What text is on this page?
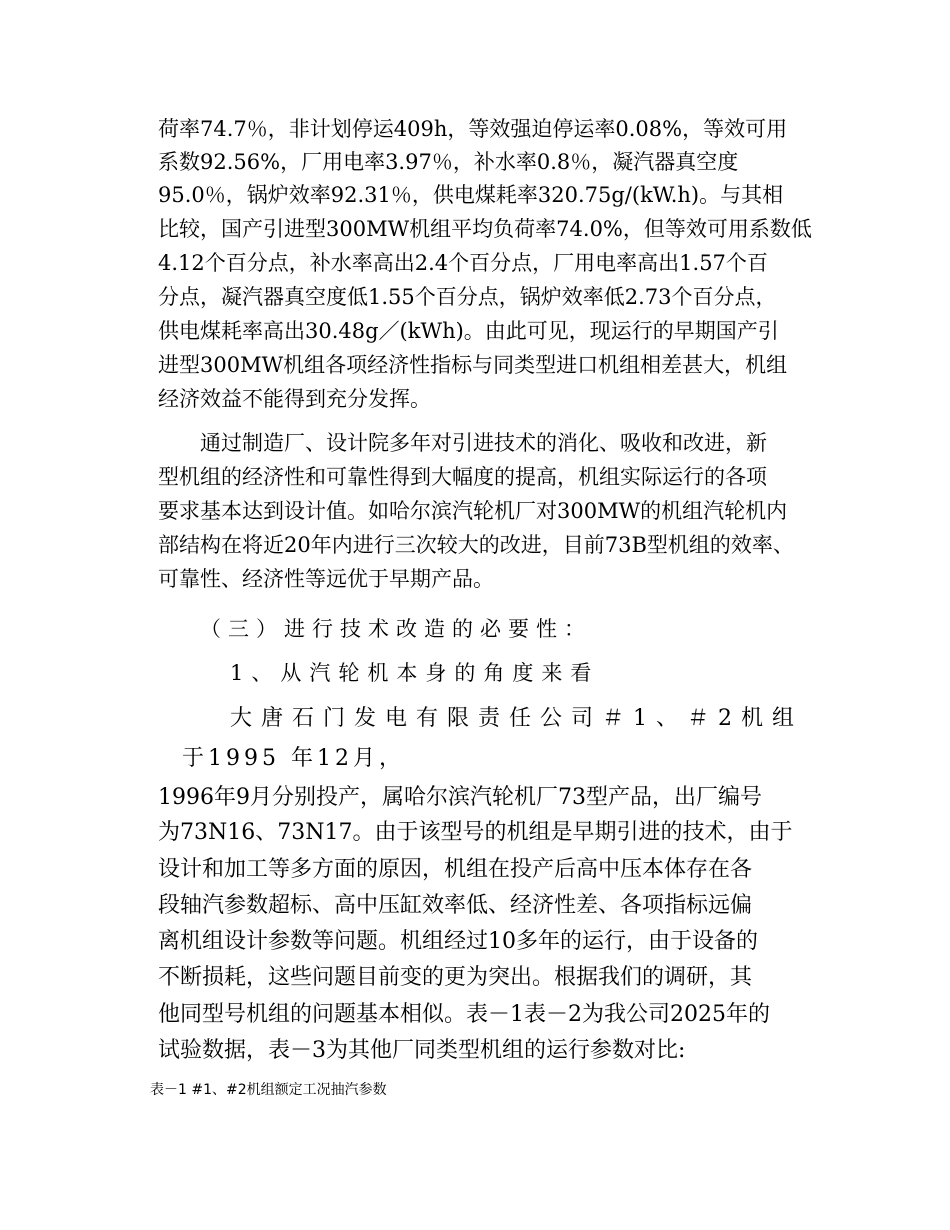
荷率74.7％，非计划停运409h，等效强迫停运率0.08%，等效可用
系数92.56%，厂用电率3.97％，补水率0.8％，凝汽器真空度
95.0％，锅炉效率92.31％，供电煤耗率320.75g/(kW.h)。与其相
比较，国产引进型300MW机组平均负荷率74.0%，但等效可用系数低
4.12个百分点，补水率高出2.4个百分点，厂用电率高出1.57个百
分点，凝汽器真空度低1.55个百分点，锅炉效率低2.73个百分点，
供电煤耗率高出30.48g／(kWh)。由此可见，现运行的早期国产引
进型300MW机组各项经济性指标与同类型进口机组相差甚大，机组
经济效益不能得到充分发挥。
通过制造厂、设计院多年对引进技术的消化、吸收和改进，新
型机组的经济性和可靠性得到大幅度的提高，机组实际运行的各项
要求基本达到设计值。如哈尔滨汽轮机厂对300MW的机组汽轮机内
部结构在将近20年内进行三次较大的改进，目前73B型机组的效率、
可靠性、经济性等远优于早期产品。
（三）进行技术改造的必要性：
1、从汽轮机本身的角度来看
大唐石门发电有限责任公司＃1、＃2机组
于1995 年12月，
1996年9月分别投产，属哈尔滨汽轮机厂73型产品，出厂编号
为73N16、73N17。由于该型号的机组是早期引进的技术，由于
设计和加工等多方面的原因，机组在投产后高中压本体存在各
段轴汽参数超标、高中压缸效率低、经济性差、各项指标远偏
离机组设计参数等问题。机组经过10多年的运行，由于设备的
不断损耗，这些问题目前变的更为突出。根据我们的调研，其
他同型号机组的问题基本相似。表－1表－2为我公司2025年的
试验数据，表－3为其他厂同类型机组的运行参数对比:
表－1 #1、#2机组额定工况抽汽参数
